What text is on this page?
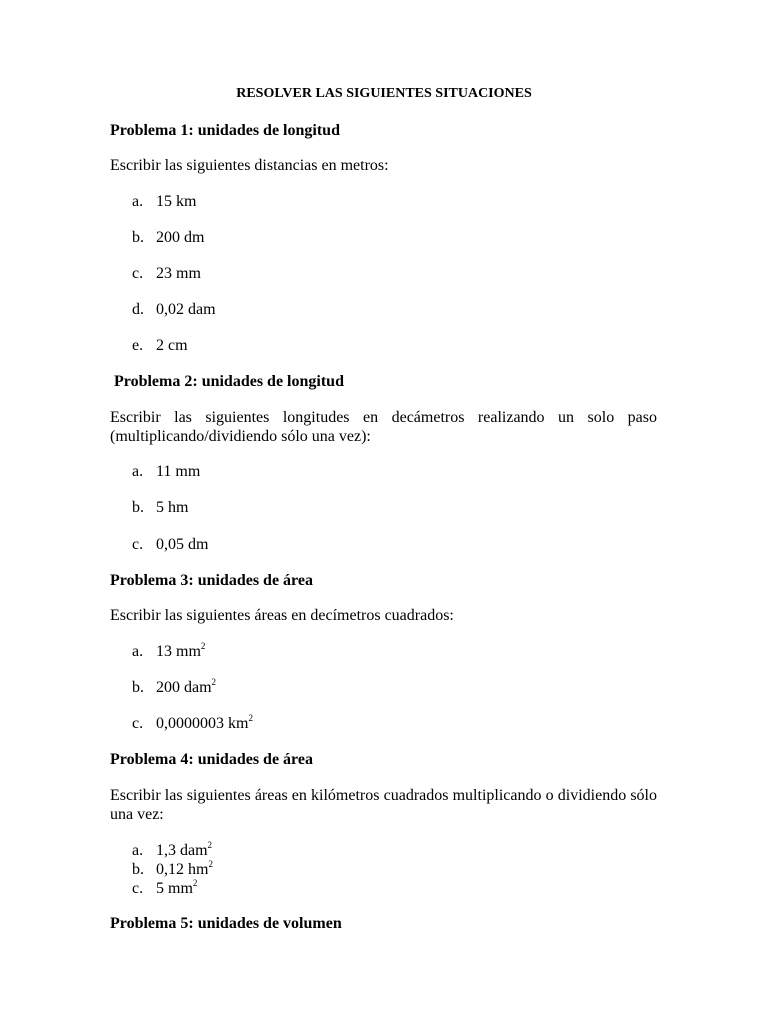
RESOLVER LAS SIGUIENTES SITUACIONES
Problema 1: unidades de longitud
Escribir las siguientes distancias en metros:
a. 15 km
b. 200 dm
c. 23 mm
d. 0,02 dam
e. 2 cm
Problema 2: unidades de longitud
Escribir las siguientes longitudes en decámetros realizando un solo paso (multiplicando/dividiendo sólo una vez):
a. 11 mm
b. 5 hm
c. 0,05 dm
Problema 3: unidades de área
Escribir las siguientes áreas en decímetros cuadrados:
a. 13 $mm^2$
b. 200 dam$^2$
c. 0,0000003 $km^2$
Problema 4: unidades de área
Escribir las siguientes áreas en kilómetros cuadrados multiplicando o dividiendo sólo una vez:
a. 1,3 dam$^2$
b. 0,12 $hm^2$
c. 5 $mm^2$
Problema 5: unidades de volumen
